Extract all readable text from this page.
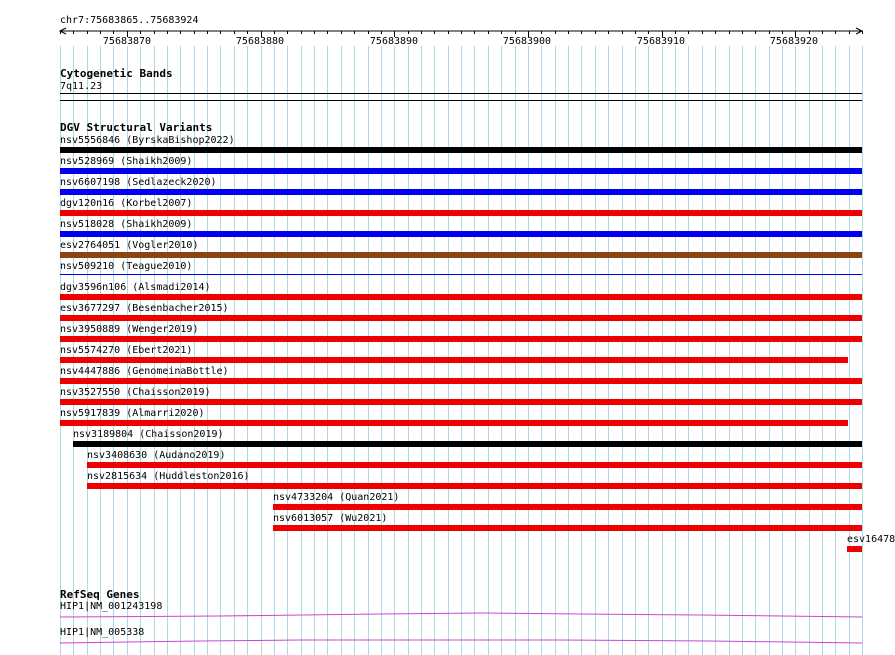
75683870	75683880	75683890	75683900	75683910	75683920
chr7:75683865..75683924
Cytogenetic Bands
7q11.23
DGV Structural Variants
nsv5556846 (ByrskaBishop2022)
nsv528969 (Shaikh2009)
nsv6607198 (Sedlazeck2020)
dgv120n16 (Korbel2007)
nsv518028 (Shaikh2009)
esv2764051 (Vogler2010)
nsv509210 (Teague2010)
dgv3596n106 (Alsmadi2014)
esv3677297 (Besenbacher2015)
nsv3950889 (Wenger2019)
nsv5574270 (Ebert2021)
nsv4447886 (GenomeinaBottle)
nsv3527550 (Chaisson2019)
nsv5917839 (Almarri2020)
nsv3189804 (Chaisson2019)
nsv3408630 (Audano2019)
nsv2815634 (Huddleston2016)
nsv4733204 (Quan2021)
nsv6013057 (Wu2021)
esv16478
RefSeq Genes
HIP1|NM_001243198
HIP1|NM_005338
